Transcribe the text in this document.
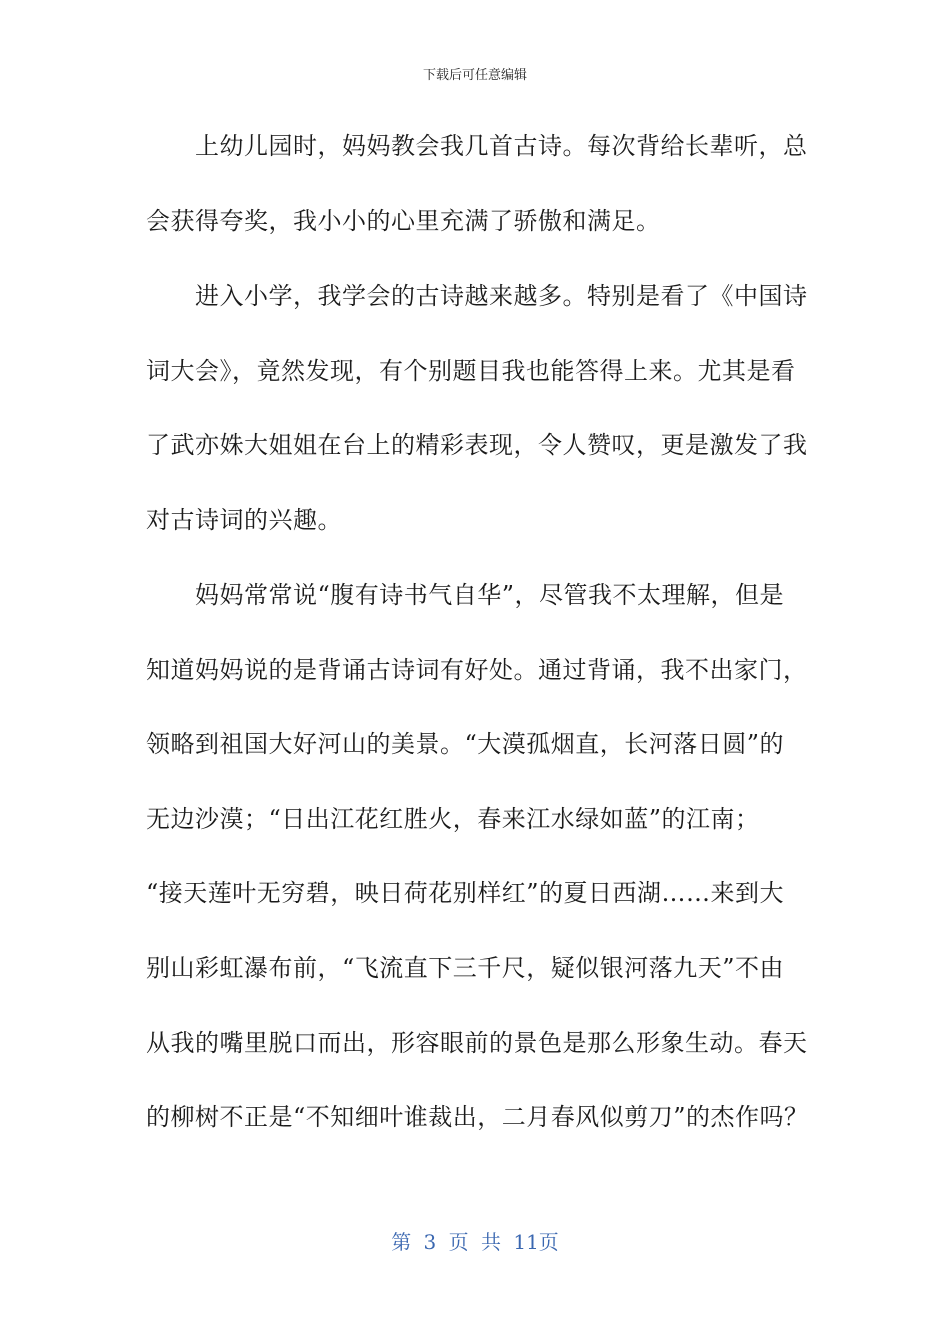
下载后可任意编辑
　　上幼儿园时，妈妈教会我几首古诗。每次背给长辈听，总
会获得夸奖，我小小的心里充满了骄傲和满足。
　　进入小学，我学会的古诗越来越多。特别是看了《中国诗
词大会》，竟然发现，有个别题目我也能答得上来。尤其是看
了武亦姝大姐姐在台上的精彩表现，令人赞叹，更是激发了我
对古诗词的兴趣。
　　妈妈常常说“腹有诗书气自华”，尽管我不太理解，但是
知道妈妈说的是背诵古诗词有好处。通过背诵，我不出家门，
领略到祖国大好河山的美景。“大漠孤烟直，长河落日圆”的
无边沙漠；“日出江花红胜火，春来江水绿如蓝”的江南；
“接天莲叶无穷碧，映日荷花别样红”的夏日西湖……来到大
别山彩虹瀑布前，“飞流直下三千尺，疑似银河落九天”不由
从我的嘴里脱口而出，形容眼前的景色是那么形象生动。春天
的柳树不正是“不知细叶谁裁出，二月春风似剪刀”的杰作吗？
第 3 页 共 11页
